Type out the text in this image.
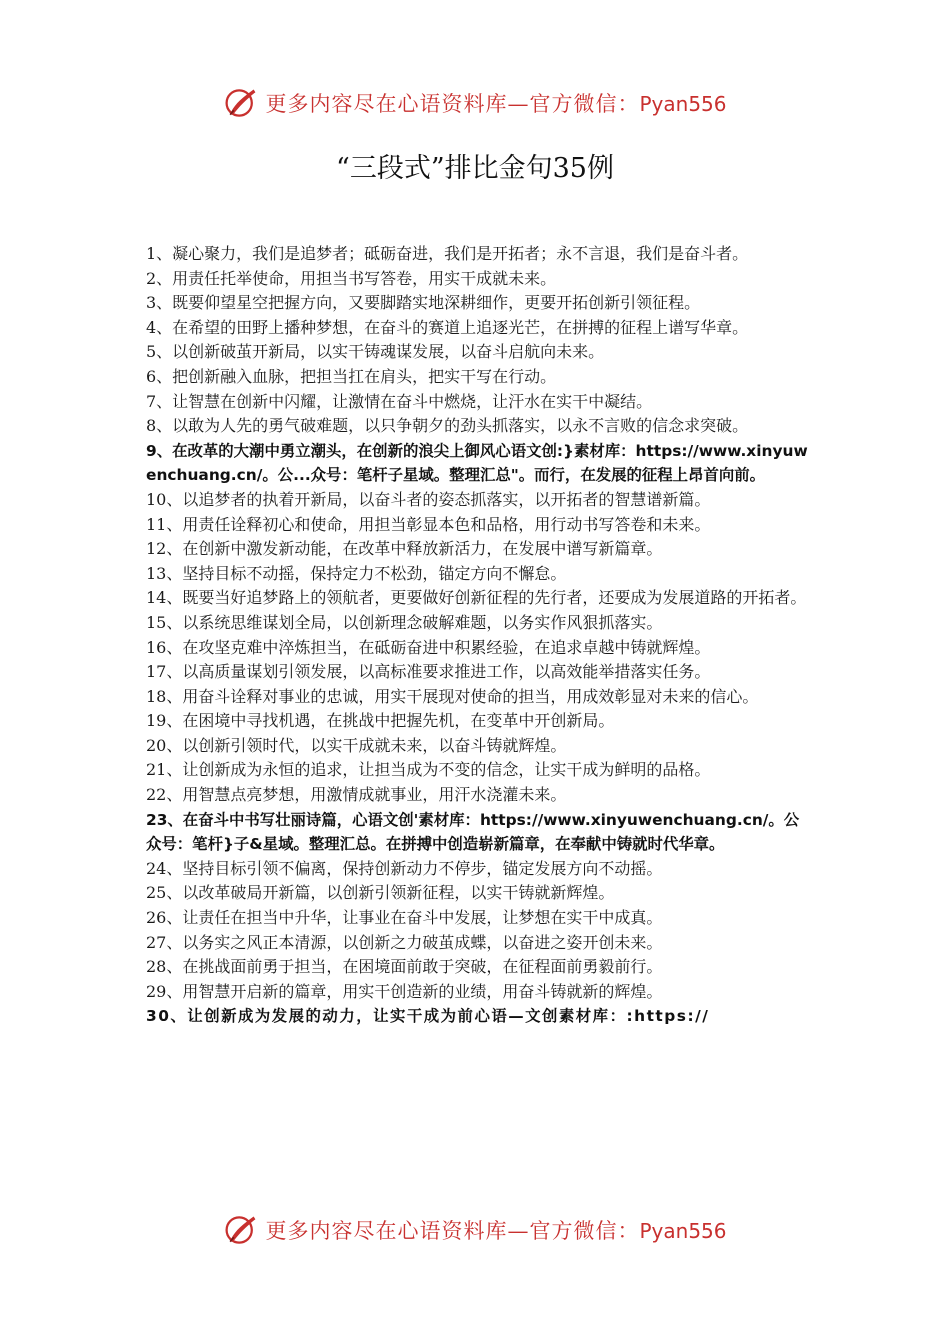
更多内容尽在心语资料库—官方微信：Pyan556
“三段式”排比金句35例

1、凝心聚力，我们是追梦者；砥砺奋进，我们是开拓者；永不言退，我们是奋斗者。

2、用责任托举使命，用担当书写答卷，用实干成就未来。

3、既要仰望星空把握方向，又要脚踏实地深耕细作，更要开拓创新引领征程。

4、在希望的田野上播种梦想，在奋斗的赛道上追逐光芒，在拼搏的征程上谱写华章。

5、以创新破茧开新局，以实干铸魂谋发展，以奋斗启航向未来。

6、把创新融入血脉，把担当扛在肩头，把实干写在行动。

7、让智慧在创新中闪耀，让激情在奋斗中燃烧，让汗水在实干中凝结。

8、以敢为人先的勇气破难题，以只争朝夕的劲头抓落实，以永不言败的信念求突破。

9、在改革的大潮中勇立潮头，在创新的浪尖上御风心语文创:}素材库：https://www.xinyuwenchuang.cn/。公...众号：笔杆子星域。整理汇总"。而行，在发展的征程上昂首向前。

10、以追梦者的执着开新局，以奋斗者的姿态抓落实，以开拓者的智慧谱新篇。

11、用责任诠释初心和使命，用担当彰显本色和品格，用行动书写答卷和未来。

12、在创新中激发新动能，在改革中释放新活力，在发展中谱写新篇章。

13、坚持目标不动摇，保持定力不松劲，锚定方向不懈怠。

14、既要当好追梦路上的领航者，更要做好创新征程的先行者，还要成为发展道路的开拓者。

15、以系统思维谋划全局，以创新理念破解难题，以务实作风狠抓落实。

16、在攻坚克难中淬炼担当，在砥砺奋进中积累经验，在追求卓越中铸就辉煌。

17、以高质量谋划引领发展，以高标准要求推进工作，以高效能举措落实任务。

18、用奋斗诠释对事业的忠诚，用实干展现对使命的担当，用成效彰显对未来的信心。

19、在困境中寻找机遇，在挑战中把握先机，在变革中开创新局。

20、以创新引领时代，以实干成就未来，以奋斗铸就辉煌。

21、让创新成为永恒的追求，让担当成为不变的信念，让实干成为鲜明的品格。

22、用智慧点亮梦想，用激情成就事业，用汗水浇灌未来。

23、在奋斗中书写壮丽诗篇，心语文创'素材库：https://www.xinyuwenchuang.cn/。公众号：笔杆}子&星域。整理汇总。在拼搏中创造崭新篇章，在奉献中铸就时代华章。

24、坚持目标引领不偏离，保持创新动力不停步，锚定发展方向不动摇。

25、以改革破局开新篇，以创新引领新征程，以实干铸就新辉煌。

26、让责任在担当中升华，让事业在奋斗中发展，让梦想在实干中成真。

27、以务实之风正本清源，以创新之力破茧成蝶，以奋进之姿开创未来。

28、在挑战面前勇于担当，在困境面前敢于突破，在征程面前勇毅前行。

29、用智慧开启新的篇章，用实干创造新的业绩，用奋斗铸就新的辉煌。

30、让创新成为发展的动力，让实干成为前心语—文创素材库：:https://

更多内容尽在心语资料库—官方微信：Pyan556
